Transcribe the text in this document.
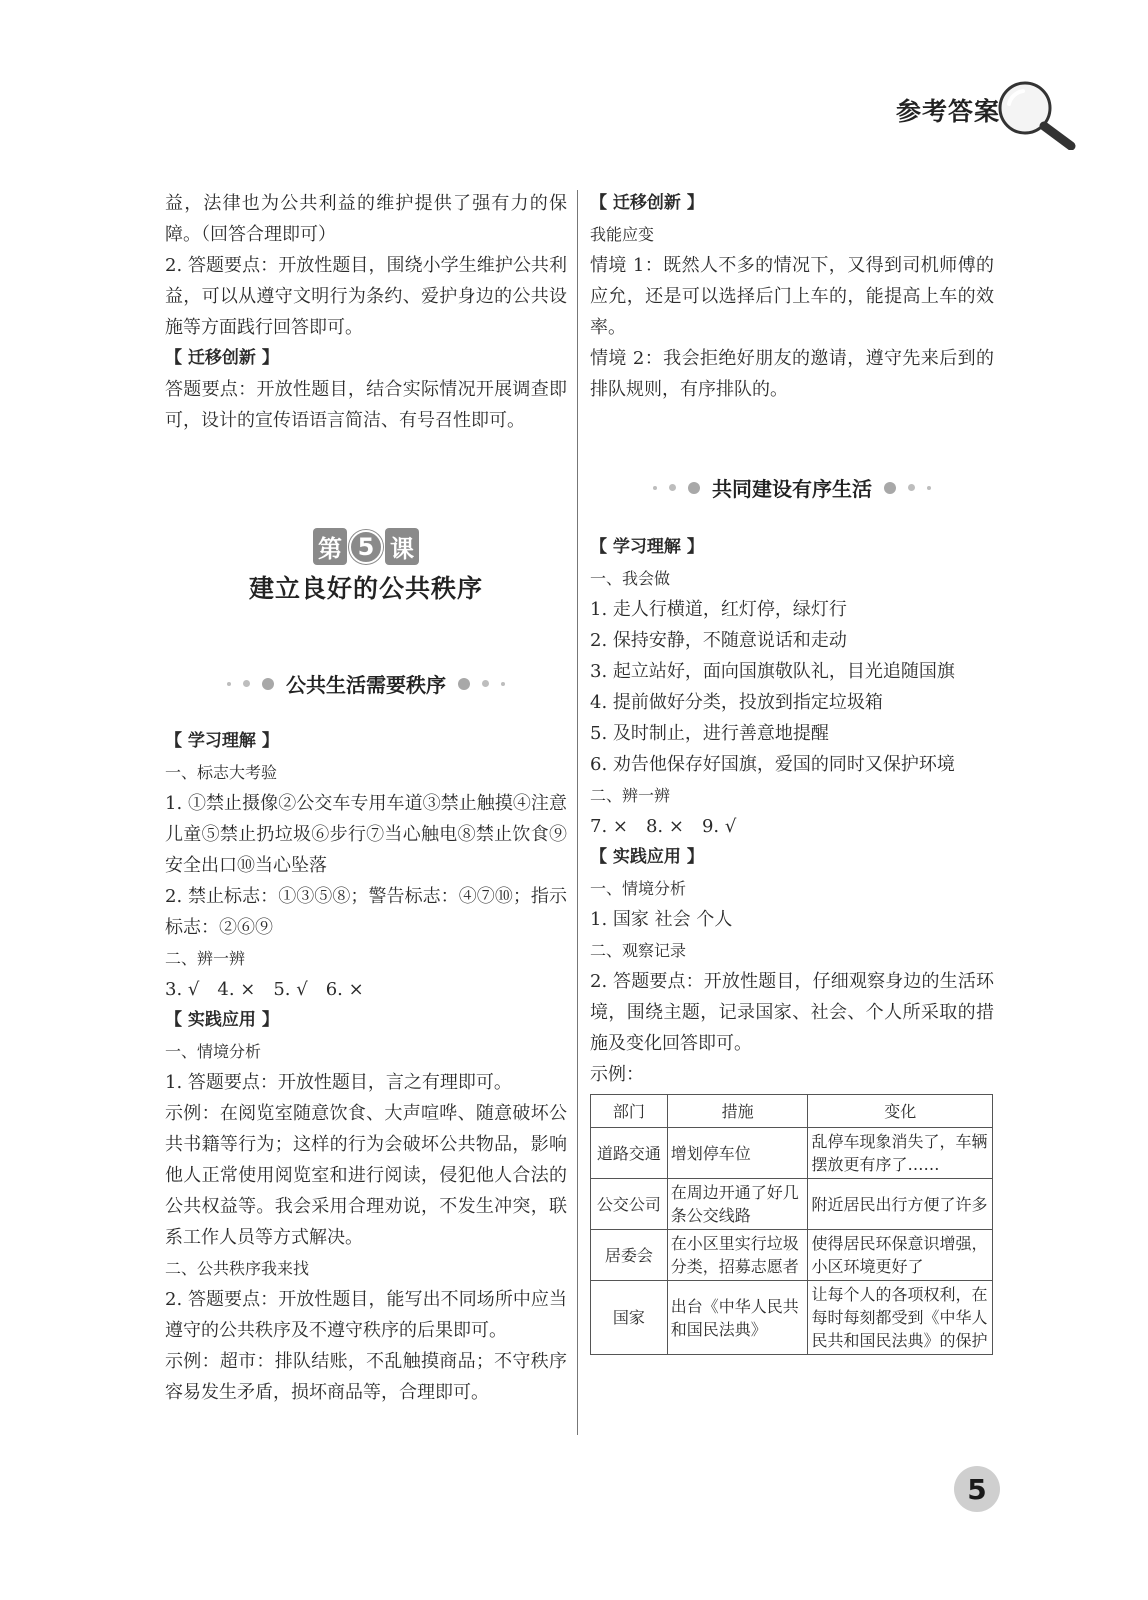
参考答案

益，法律也为公共利益的维护提供了强有力的保障。（回答合理即可）

2. 答题要点：开放性题目，围绕小学生维护公共利益，可以从遵守文明行为条约、爱护身边的公共设施等方面践行回答即可。

【 迁移创新 】

答题要点：开放性题目，结合实际情况开展调查即可，设计的宣传语语言简洁、有号召性即可。

第 5 课
建立良好的公共秩序
公共生活需要秩序

【 学习理解 】

一、标志大考验

1. ①禁止摄像②公交车专用车道③禁止触摸④注意儿童⑤禁止扔垃圾⑥步行⑦当心触电⑧禁止饮食⑨安全出口⑩当心坠落

2. 禁止标志：①③⑤⑧；警告标志：④⑦⑩；指示标志：②⑥⑨

二、辨一辨

3. √　4. ×　5. √　6. ×

【 实践应用 】

一、情境分析

1. 答题要点：开放性题目，言之有理即可。

示例：在阅览室随意饮食、大声喧哗、随意破坏公共书籍等行为；这样的行为会破坏公共物品，影响他人正常使用阅览室和进行阅读，侵犯他人合法的公共权益等。我会采用合理劝说，不发生冲突，联系工作人员等方式解决。

二、公共秩序我来找

2. 答题要点：开放性题目，能写出不同场所中应当遵守的公共秩序及不遵守秩序的后果即可。

示例：超市：排队结账，不乱触摸商品；不守秩序容易发生矛盾，损坏商品等，合理即可。

【 迁移创新 】

我能应变

情境 1：既然人不多的情况下，又得到司机师傅的应允，还是可以选择后门上车的，能提高上车的效率。

情境 2：我会拒绝好朋友的邀请，遵守先来后到的排队规则，有序排队的。

共同建设有序生活

【 学习理解 】

一、我会做

1. 走人行横道，红灯停，绿灯行

2. 保持安静，不随意说话和走动

3. 起立站好，面向国旗敬队礼，目光追随国旗

4. 提前做好分类，投放到指定垃圾箱

5. 及时制止，进行善意地提醒

6. 劝告他保存好国旗，爱国的同时又保护环境

二、辨一辨

7. ×　8. ×　9. √

【 实践应用 】

一、情境分析

1. 国家 社会 个人

二、观察记录

2. 答题要点：开放性题目，仔细观察身边的生活环境，围绕主题，记录国家、社会、个人所采取的措施及变化回答即可。

示例：

部门	措施	变化
道路交通	增划停车位	乱停车现象消失了，车辆摆放更有序了……
公交公司	在周边开通了好几条公交线路	附近居民出行方便了许多
居委会	在小区里实行垃圾分类，招募志愿者	使得居民环保意识增强，小区环境更好了
国家	出台《中华人民共和国民法典》	让每个人的各项权利，在每时每刻都受到《中华人民共和国民法典》的保护
5
